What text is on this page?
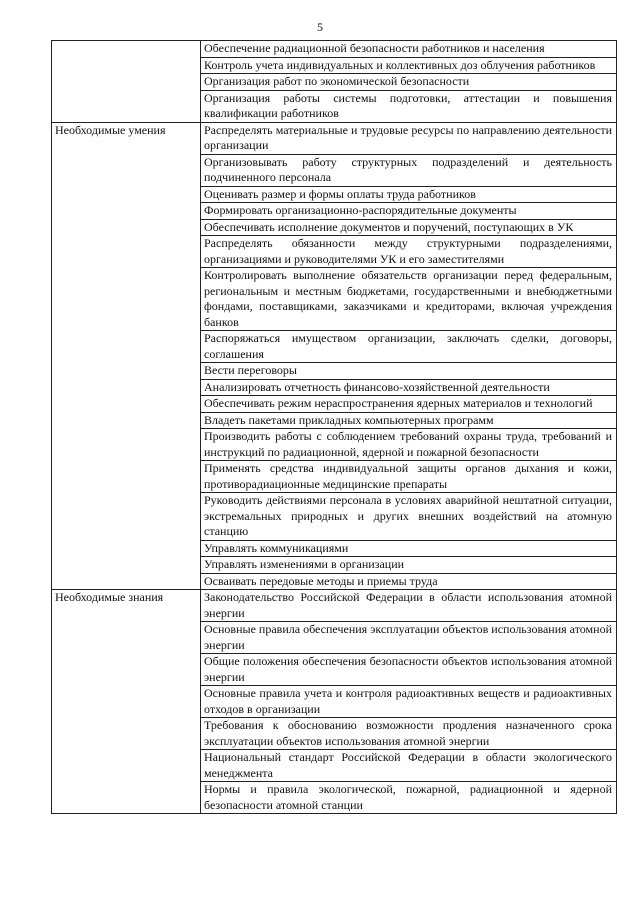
5
	Обеспечение радиационной безопасности работников и населения
	Контроль учета индивидуальных и коллективных доз облучения работников
	Организация работ по экономической безопасности
	Организация работы системы подготовки, аттестации и повышения квалификации работников
Необходимые умения	Распределять материальные и трудовые ресурсы по направлению деятельности организации
	Организовывать работу структурных подразделений и деятельность подчиненного персонала
	Оценивать размер и формы оплаты труда работников
	Формировать организационно-распорядительные документы
	Обеспечивать исполнение документов и поручений, поступающих в УК
	Распределять обязанности между структурными подразделениями, организациями и руководителями УК и его заместителями
	Контролировать выполнение обязательств организации перед федеральным, региональным и местным бюджетами, государственными и внебюджетными фондами, поставщиками, заказчиками и кредиторами, включая учреждения банков
	Распоряжаться имуществом организации, заключать сделки, договоры, соглашения
	Вести переговоры
	Анализировать отчетность финансово-хозяйственной деятельности
	Обеспечивать режим нераспространения ядерных материалов и технологий
	Владеть пакетами прикладных компьютерных программ
	Производить работы с соблюдением требований охраны труда, требований и инструкций по радиационной, ядерной и пожарной безопасности
	Применять средства индивидуальной защиты органов дыхания и кожи, противорадиационные медицинские препараты
	Руководить действиями персонала в условиях аварийной нештатной ситуации, экстремальных природных и других внешних воздействий на атомную станцию
	Управлять коммуникациями
	Управлять изменениями в организации
	Осваивать передовые методы и приемы труда
Необходимые знания	Законодательство Российской Федерации в области использования атомной энергии
	Основные правила обеспечения эксплуатации объектов использования атомной энергии
	Общие положения обеспечения безопасности объектов использования атомной энергии
	Основные правила учета и контроля радиоактивных веществ и радиоактивных отходов в организации
	Требования к обоснованию возможности продления назначенного срока эксплуатации объектов использования атомной энергии
	Национальный стандарт Российской Федерации в области экологического менеджмента
	Нормы и правила экологической, пожарной, радиационной и ядерной безопасности атомной станции
